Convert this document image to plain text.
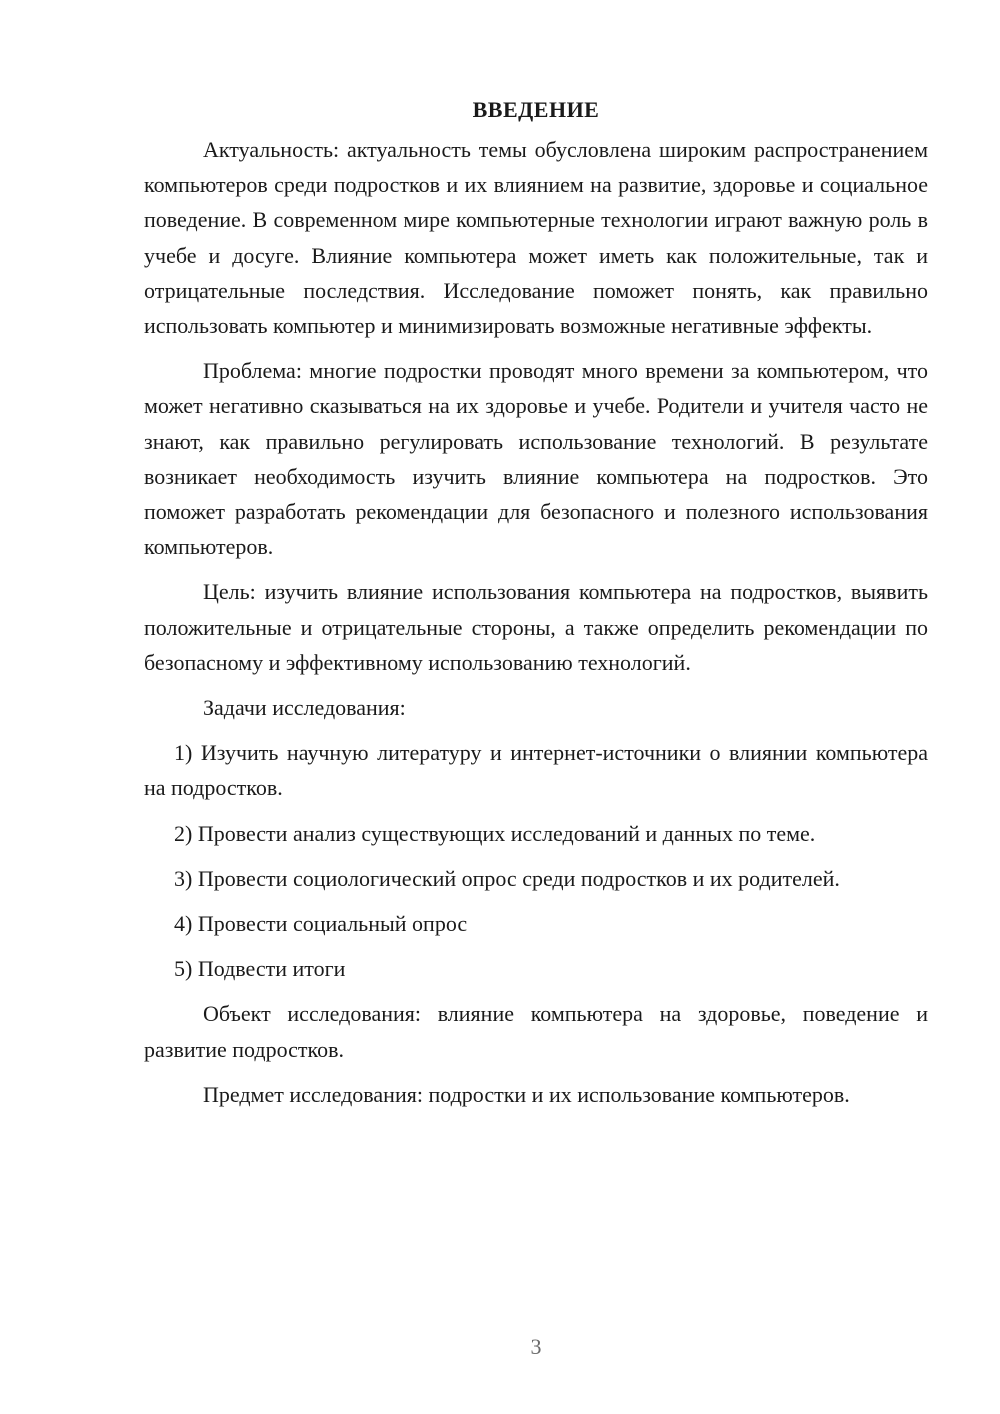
ВВЕДЕНИЕ

Актуальность: актуальность темы обусловлена широким распространением компьютеров среди подростков и их влиянием на развитие, здоровье и социальное поведение. В современном мире компьютерные технологии играют важную роль в учебе и досуге. Влияние компьютера может иметь как положительные, так и отрицательные последствия. Исследование поможет понять, как правильно использовать компьютер и минимизировать возможные негативные эффекты.

Проблема: многие подростки проводят много времени за компьютером, что может негативно сказываться на их здоровье и учебе. Родители и учителя часто не знают, как правильно регулировать использование технологий. В результате возникает необходимость изучить влияние компьютера на подростков. Это поможет разработать рекомендации для безопасного и полезного использования компьютеров.

Цель: изучить влияние использования компьютера на подростков, выявить положительные и отрицательные стороны, а также определить рекомендации по безопасному и эффективному использованию технологий.

Задачи исследования:

1) Изучить научную литературу и интернет-источники о влиянии компьютера на подростков.

2) Провести анализ существующих исследований и данных по теме.

3) Провести социологический опрос среди подростков и их родителей.

4) Провести социальный опрос

5) Подвести итоги

Объект исследования: влияние компьютера на здоровье, поведение и развитие подростков.

Предмет исследования: подростки и их использование компьютеров.

3
